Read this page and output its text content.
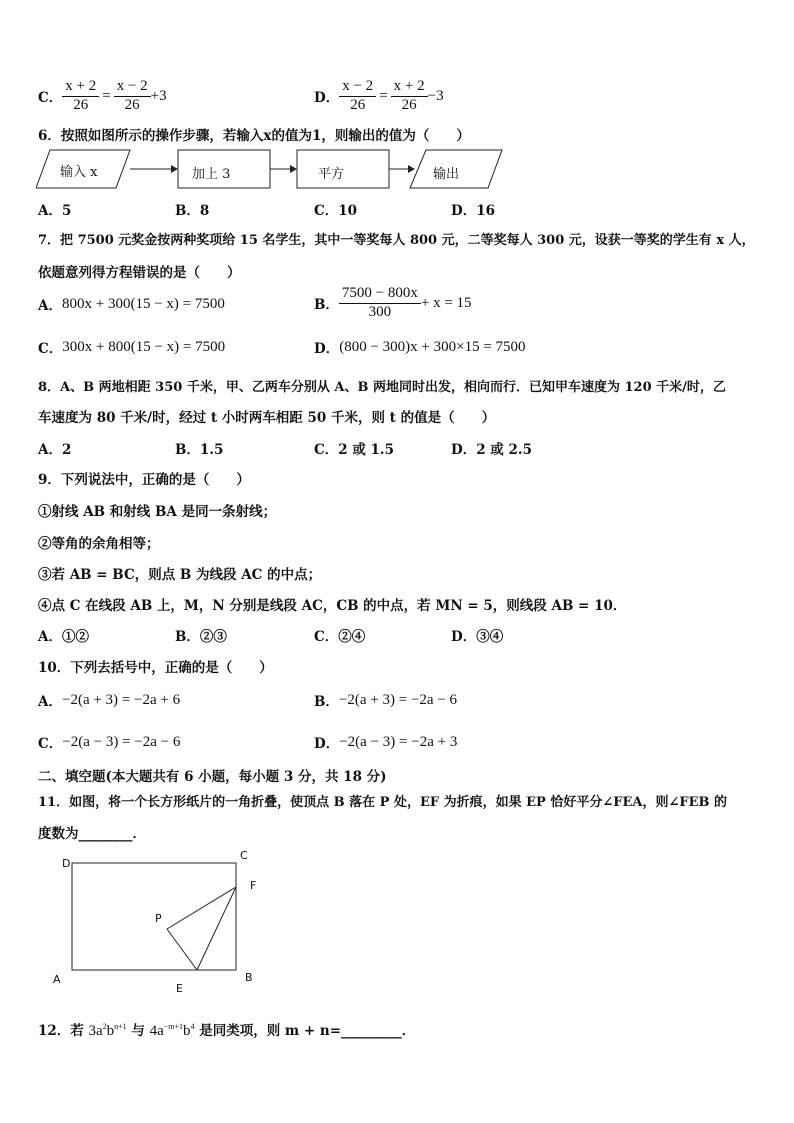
C． $\frac{x + 2}{26} = \frac{x - 2}{26} +3$	D． $\frac{x - 2}{26} = \frac{x + 2}{26} -3$
6．按照如图所示的操作步骤，若输入x的值为1，则输出的值为（　　）
输入 x	加上 3	平方	输出
A．5	B．8	C．10	D．16
7．把 7500 元奖金按两种奖项给 15 名学生，其中一等奖每人 800 元，二等奖每人 300 元，设获一等奖的学生有 x 人，
依题意列得方程错误的是（　　）
A． 800x + 300(15 − x) = 7500	B． $\frac{7500 - 800x}{300} + x = 15$
C． 300x + 800(15 − x) = 7500	D． (800 − 300)x + 300×15 = 7500
8．A、B 两地相距 350 千米，甲、乙两车分别从 A、B 两地同时出发，相向而行．已知甲车速度为 120 千米/时，乙
车速度为 80 千米/时，经过 t 小时两车相距 50 千米，则 t 的值是（　　）
A．2	B．1.5	C．2 或 1.5	D．2 或 2.5
9．下列说法中，正确的是（　　）
①射线 AB 和射线 BA 是同一条射线；
②等角的余角相等；
③若 AB = BC，则点 B 为线段 AC 的中点；
④点 C 在线段 AB 上，M，N 分别是线段 AC，CB 的中点，若 MN = 5，则线段 AB = 10．
A．①②	B．②③	C．②④	D．③④
10．下列去括号中，正确的是（　　）
A． −2(a + 3) = −2a + 6	B． −2(a + 3) = −2a − 6
C． −2(a − 3) = −2a − 6	D． −2(a − 3) = −2a + 3
二、填空题(本大题共有 6 小题，每小题 3 分，共 18 分)
11．如图，将一个长方形纸片的一角折叠，使顶点 B 落在 P 处，EF 为折痕，如果 EP 恰好平分∠FEA，则∠FEB 的
度数为________．
D
C
F
P
A
E
B
12．若 $3a^2b^{n+1}$ 与 $4a^{-m+1}b^4$ 是同类项，则 m + n=_________．
